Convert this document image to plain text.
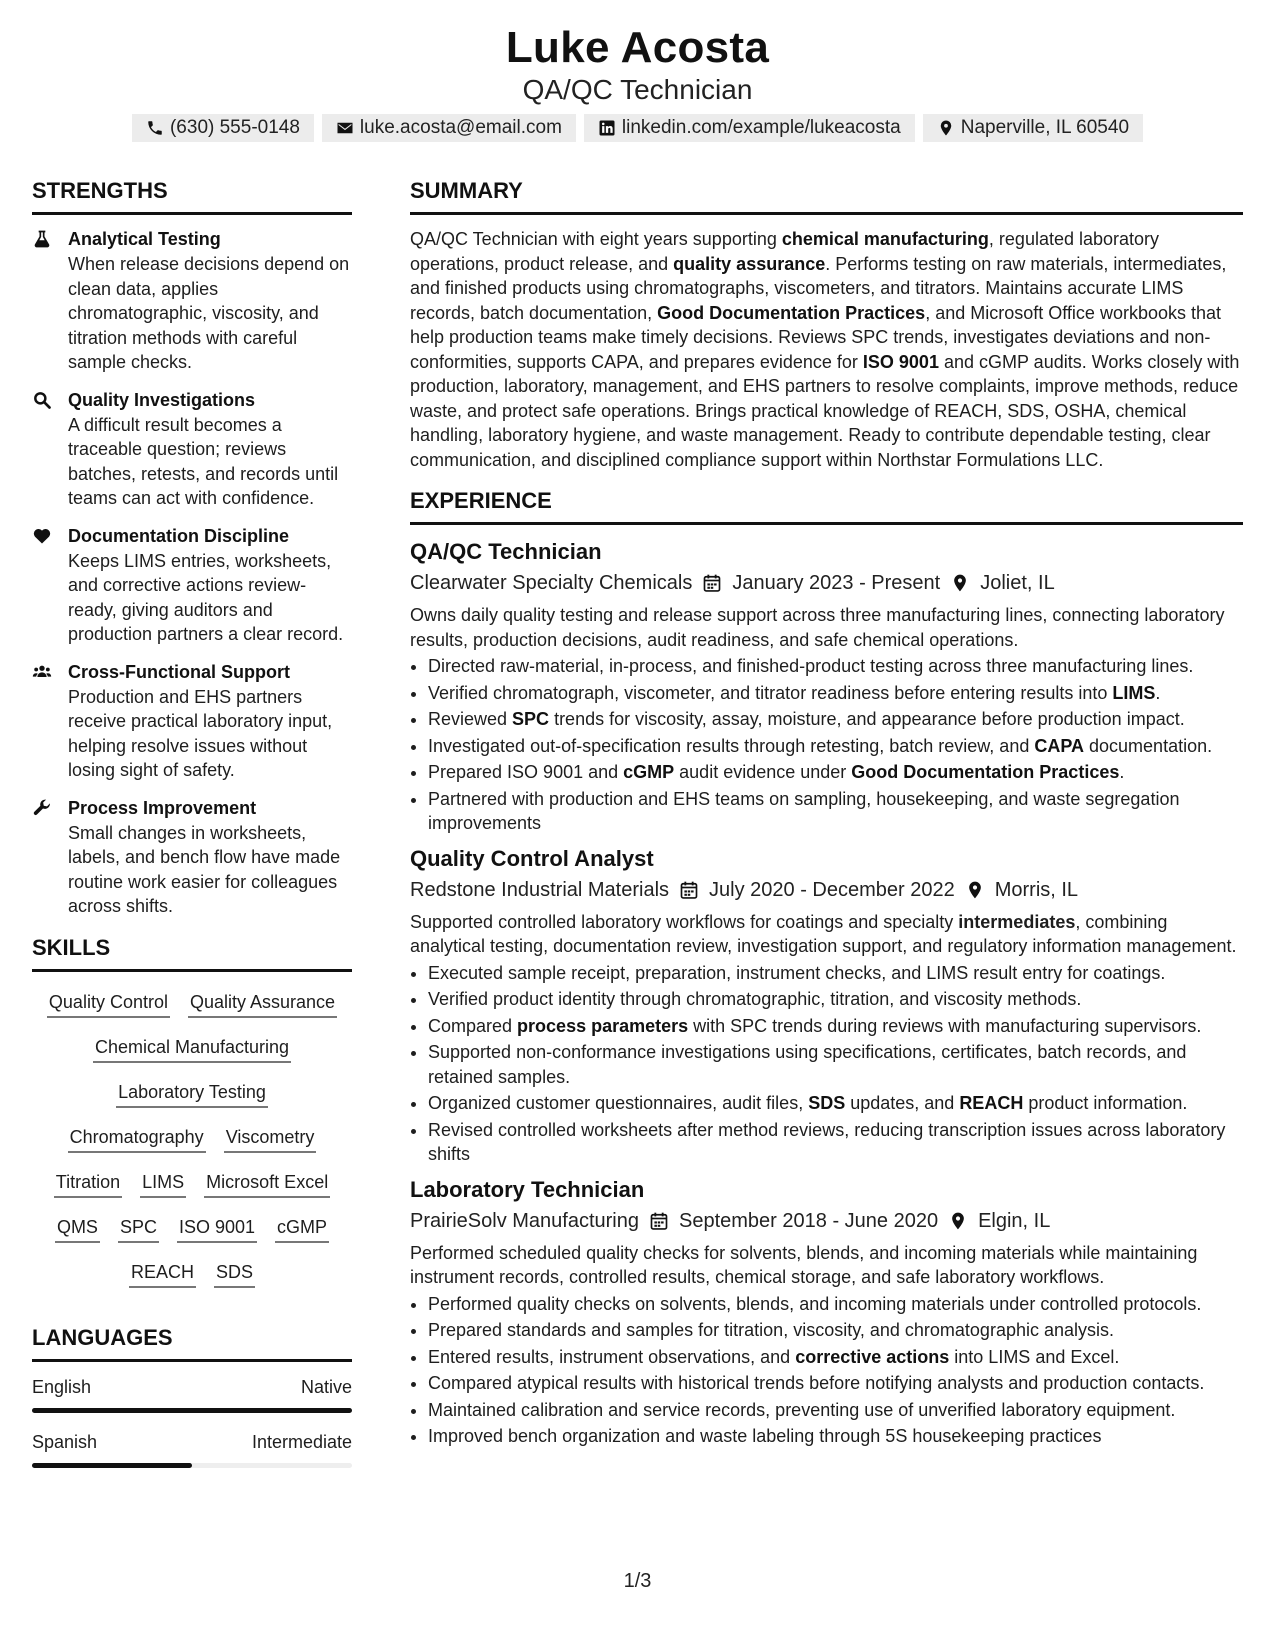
Luke Acosta
QA/QC Technician
(630) 555-0148	luke.acosta@email.com	linkedin.com/example/lukeacosta	Naperville, IL 60540
STRENGTHS
Analytical Testing
When release decisions depend on clean data, applies chromatographic, viscosity, and titration methods with careful sample checks.
Quality Investigations
A difficult result becomes a traceable question; reviews batches, retests, and records until teams can act with confidence.
Documentation Discipline
Keeps LIMS entries, worksheets, and corrective actions review-ready, giving auditors and production partners a clear record.
Cross-Functional Support
Production and EHS partners receive practical laboratory input, helping resolve issues without losing sight of safety.
Process Improvement
Small changes in worksheets, labels, and bench flow have made routine work easier for colleagues across shifts.
SKILLS
Quality Control Quality Assurance
Chemical Manufacturing
Laboratory Testing
Chromatography Viscometry
Titration LIMS Microsoft Excel
QMS SPC ISO 9001 cGMP
REACH SDS
LANGUAGES
English	Native
Spanish	Intermediate
SUMMARY

QA/QC Technician with eight years supporting chemical manufacturing, regulated laboratory operations, product release, and quality assurance. Performs testing on raw materials, intermediates, and finished products using chromatographs, viscometers, and titrators. Maintains accurate LIMS records, batch documentation, Good Documentation Practices, and Microsoft Office workbooks that help production teams make timely decisions. Reviews SPC trends, investigates deviations and non-conformities, supports CAPA, and prepares evidence for ISO 9001 and cGMP audits. Works closely with production, laboratory, management, and EHS partners to resolve complaints, improve methods, reduce waste, and protect safe operations. Brings practical knowledge of REACH, SDS, OSHA, chemical handling, laboratory hygiene, and waste management. Ready to contribute dependable testing, clear communication, and disciplined compliance support within Northstar Formulations LLC.

EXPERIENCE
QA/QC Technician
Clearwater Specialty Chemicals January 2023 - Present Joliet, IL
Owns daily quality testing and release support across three manufacturing lines, connecting laboratory results, production decisions, audit readiness, and safe chemical operations.
• Directed raw-material, in-process, and finished-product testing across three manufacturing lines.
• Verified chromatograph, viscometer, and titrator readiness before entering results into LIMS.
• Reviewed SPC trends for viscosity, assay, moisture, and appearance before production impact.
• Investigated out-of-specification results through retesting, batch review, and CAPA documentation.
• Prepared ISO 9001 and cGMP audit evidence under Good Documentation Practices.
• Partnered with production and EHS teams on sampling, housekeeping, and waste segregation improvements
Quality Control Analyst
Redstone Industrial Materials July 2020 - December 2022 Morris, IL
Supported controlled laboratory workflows for coatings and specialty intermediates, combining analytical testing, documentation review, investigation support, and regulatory information management.
• Executed sample receipt, preparation, instrument checks, and LIMS result entry for coatings.
• Verified product identity through chromatographic, titration, and viscosity methods.
• Compared process parameters with SPC trends during reviews with manufacturing supervisors.
• Supported non-conformance investigations using specifications, certificates, batch records, and retained samples.
• Organized customer questionnaires, audit files, SDS updates, and REACH product information.
• Revised controlled worksheets after method reviews, reducing transcription issues across laboratory shifts
Laboratory Technician
PrairieSolv Manufacturing September 2018 - June 2020 Elgin, IL
Performed scheduled quality checks for solvents, blends, and incoming materials while maintaining instrument records, controlled results, chemical storage, and safe laboratory workflows.
• Performed quality checks on solvents, blends, and incoming materials under controlled protocols.
• Prepared standards and samples for titration, viscosity, and chromatographic analysis.
• Entered results, instrument observations, and corrective actions into LIMS and Excel.
• Compared atypical results with historical trends before notifying analysts and production contacts.
• Maintained calibration and service records, preventing use of unverified laboratory equipment.
• Improved bench organization and waste labeling through 5S housekeeping practices
1/3
